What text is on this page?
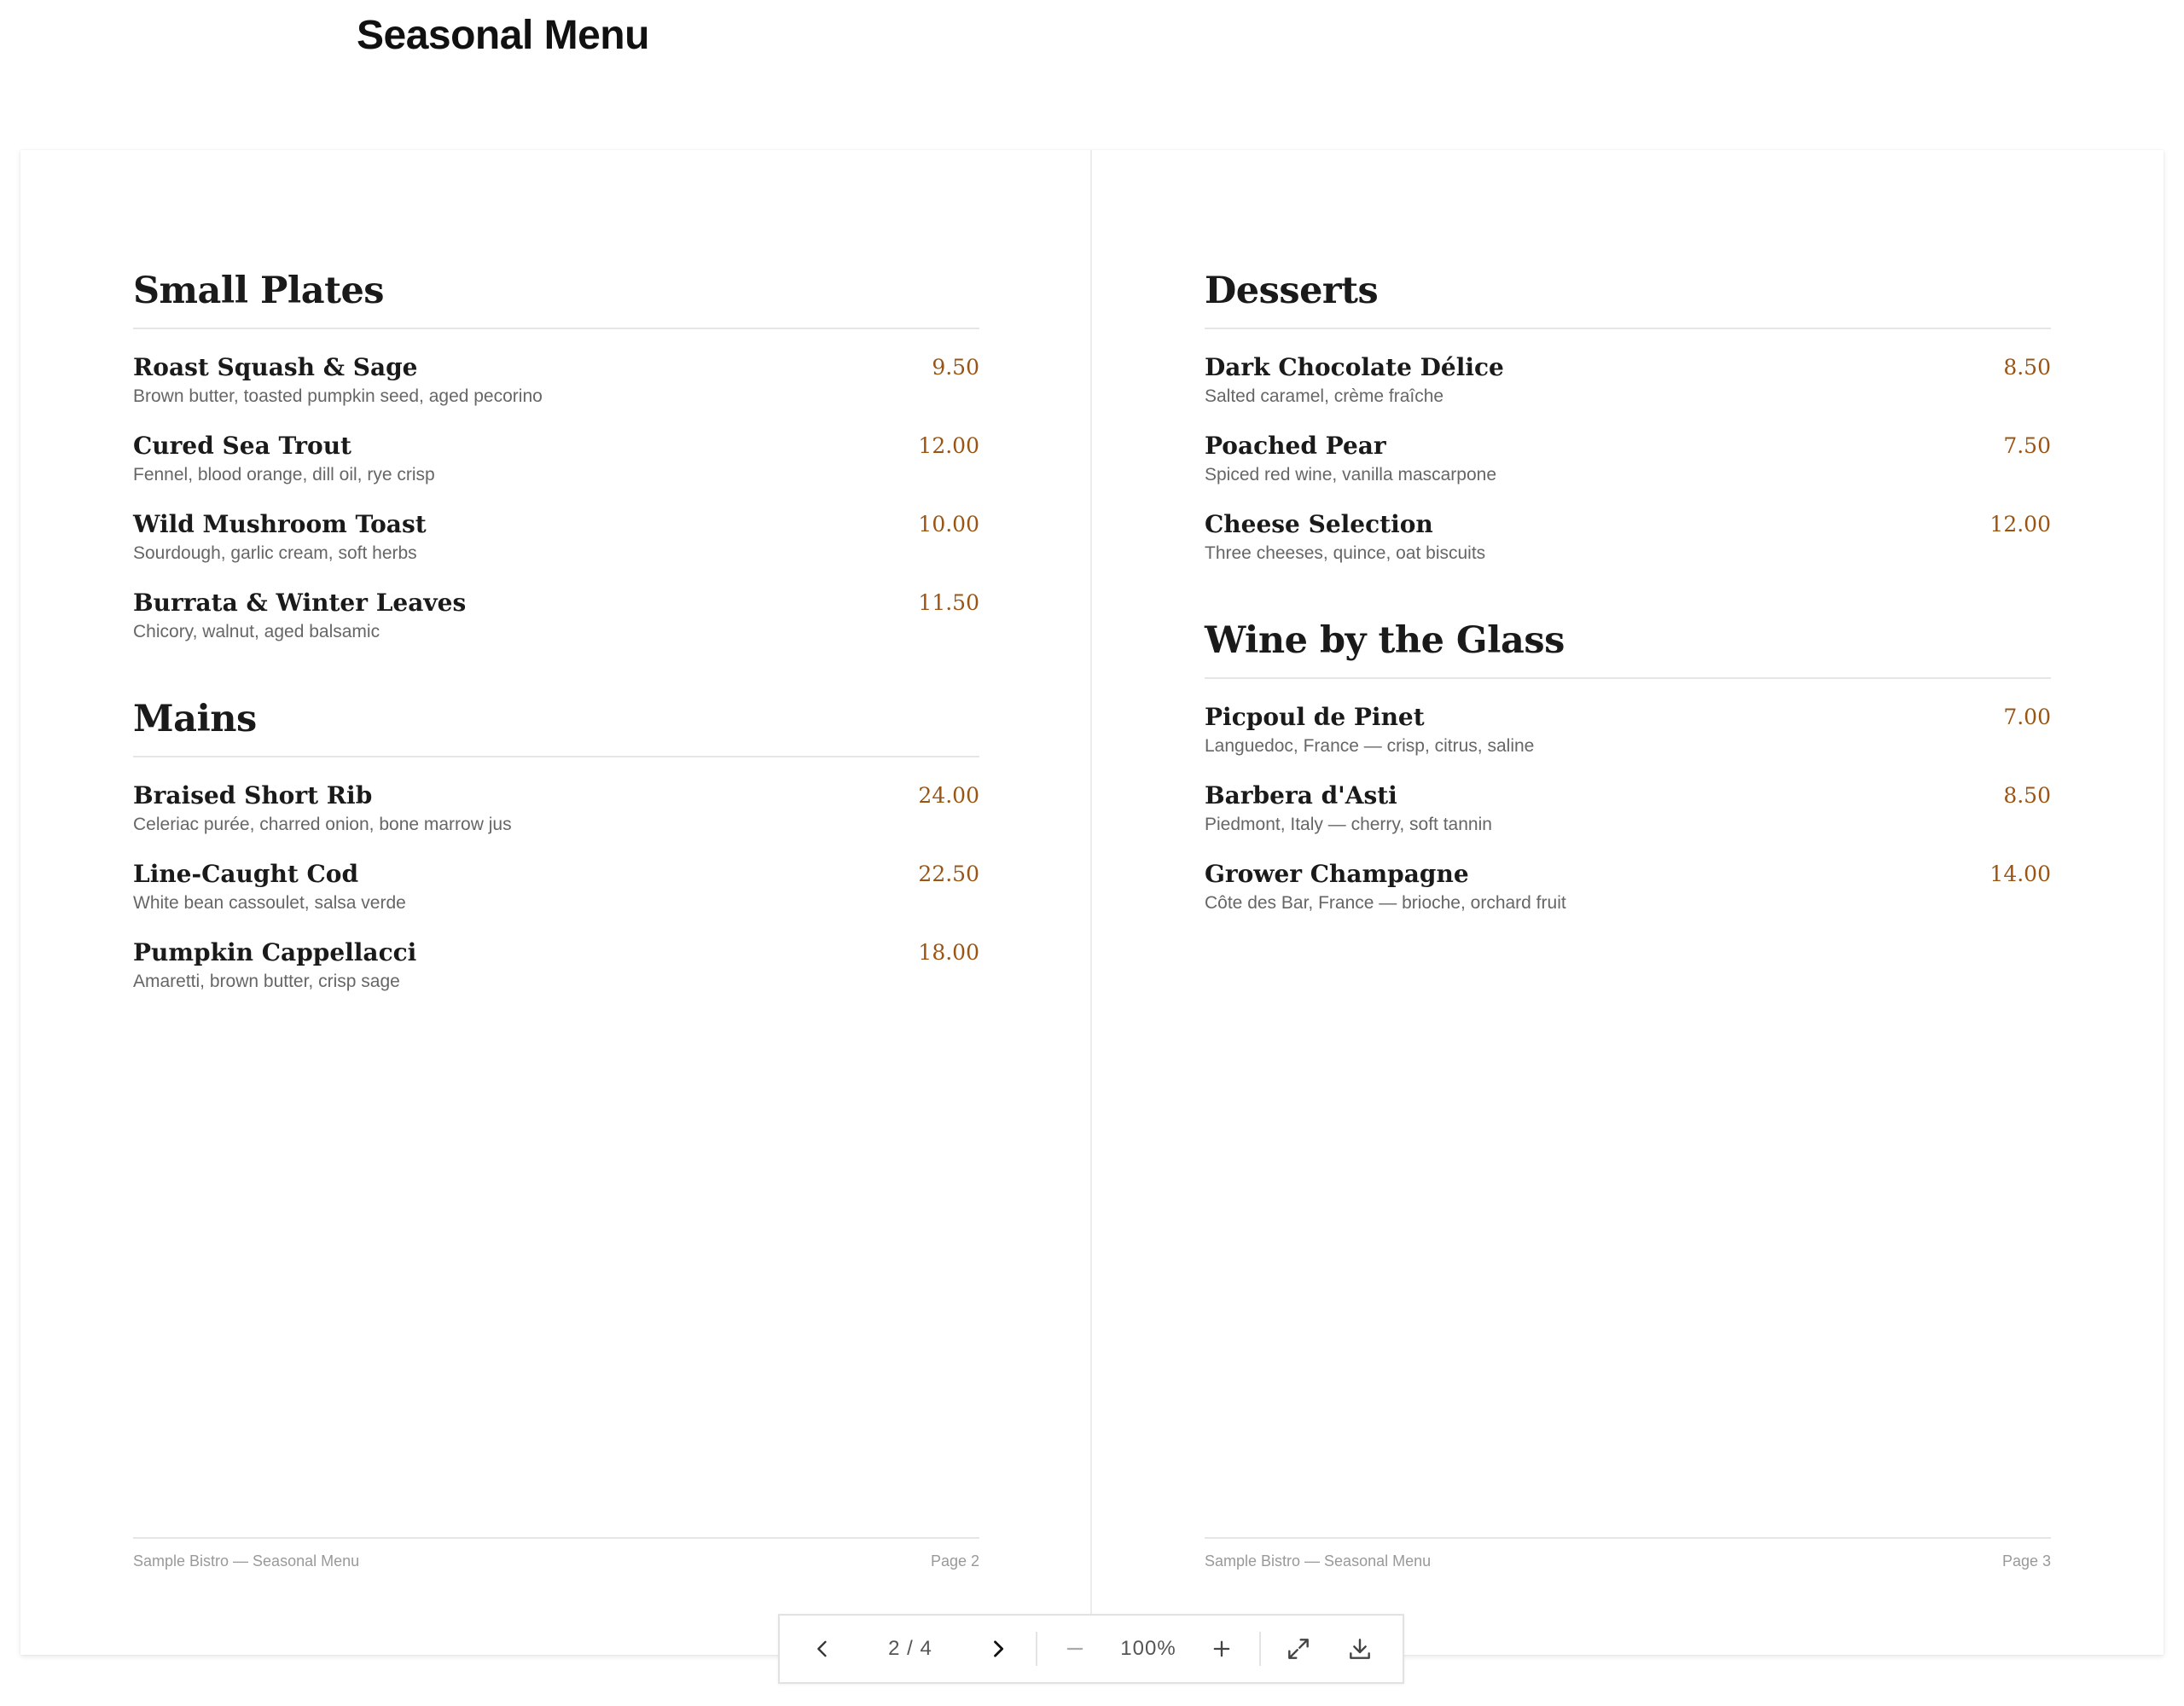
Seasonal Menu
Small Plates
Roast Squash & Sage
Brown butter, toasted pumpkin seed, aged pecorino
9.50
Cured Sea Trout
Fennel, blood orange, dill oil, rye crisp
12.00
Wild Mushroom Toast
Sourdough, garlic cream, soft herbs
10.00
Burrata & Winter Leaves
Chicory, walnut, aged balsamic
11.50
Mains
Braised Short Rib
Celeriac purée, charred onion, bone marrow jus
24.00
Line-Caught Cod
White bean cassoulet, salsa verde
22.50
Pumpkin Cappellacci
Amaretti, brown butter, crisp sage
18.00
Sample Bistro — Seasonal Menu	Page 2
Desserts
Dark Chocolate Délice
Salted caramel, crème fraîche
8.50
Poached Pear
Spiced red wine, vanilla mascarpone
7.50
Cheese Selection
Three cheeses, quince, oat biscuits
12.00
Wine by the Glass
Picpoul de Pinet
Languedoc, France — crisp, citrus, saline
7.00
Barbera d'Asti
Piedmont, Italy — cherry, soft tannin
8.50
Grower Champagne
Côte des Bar, France — brioche, orchard fruit
14.00
Sample Bistro — Seasonal Menu	Page 3
2 / 4	100%
